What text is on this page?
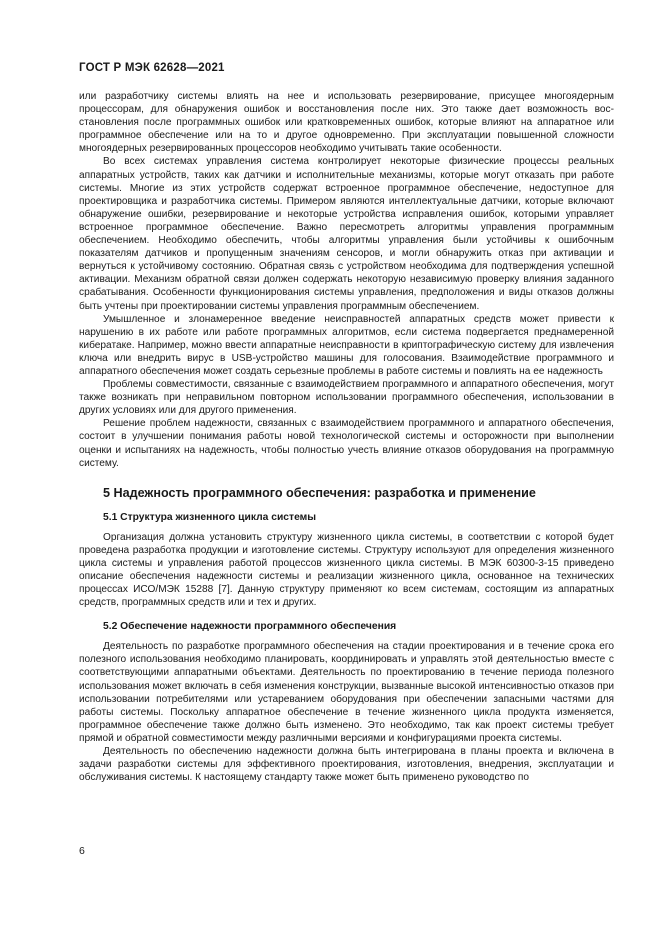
ГОСТ Р МЭК 62628—2021

или разработчику системы влиять на нее и использовать резервирование, присущее многоядерным процессорам, для обнаружения ошибок и восстановления после них. Это также дает возможность восстановления после программных ошибок или кратковременных ошибок, которые влияют на аппаратное или программное обеспечение или на то и другое одновременно. При эксплуатации повышенной сложности многоядерных резервированных процессоров необходимо учитывать такие особенности.

Во всех системах управления система контролирует некоторые физические процессы реальных аппаратных устройств, таких как датчики и исполнительные механизмы, которые могут отказать при работе системы. Многие из этих устройств содержат встроенное программное обеспечение, недоступное для проектировщика и разработчика системы. Примером являются интеллектуальные датчики, которые включают обнаружение ошибки, резервирование и некоторые устройства исправления ошибок, которыми управляет встроенное программное обеспечение. Важно пересмотреть алгоритмы управления программным обеспечением. Необходимо обеспечить, чтобы алгоритмы управления были устойчивы к ошибочным показателям датчиков и пропущенным значениям сенсоров, и могли обнаружить отказ при активации и вернуться к устойчивому состоянию. Обратная связь с устройством необходима для подтверждения успешной активации. Механизм обратной связи должен содержать некоторую независимую проверку влияния заданного срабатывания. Особенности функционирования системы управления, предположения и виды отказов должны быть учтены при проектировании системы управления программным обеспечением.

Умышленное и злонамеренное введение неисправностей аппаратных средств может привести к нарушению в их работе или работе программных алгоритмов, если система подвергается преднамеренной кибератаке. Например, можно ввести аппаратные неисправности в криптографическую систему для извлечения ключа или внедрить вирус в USB-устройство машины для голосования. Взаимодействие программного и аппаратного обеспечения может создать серьезные проблемы в работе системы и повлиять на ее надежность

Проблемы совместимости, связанные с взаимодействием программного и аппаратного обеспечения, могут также возникать при неправильном повторном использовании программного обеспечения, использовании в других условиях или для другого применения.

Решение проблем надежности, связанных с взаимодействием программного и аппаратного обеспечения, состоит в улучшении понимания работы новой технологической системы и осторожности при выполнении оценки и испытаниях на надежность, чтобы полностью учесть влияние отказов оборудования на программную систему.

5 Надежность программного обеспечения: разработка и применение
5.1 Структура жизненного цикла системы

Организация должна установить структуру жизненного цикла системы, в соответствии с которой будет проведена разработка продукции и изготовление системы. Структуру используют для определения жизненного цикла системы и управления работой процессов жизненного цикла системы. В МЭК 60300-3-15 приведено описание обеспечения надежности системы и реализации жизненного цикла, основанное на технических процессах ИСО/МЭК 15288 [7]. Данную структуру применяют ко всем системам, состоящим из аппаратных средств, программных средств или и тех и других.

5.2 Обеспечение надежности программного обеспечения

Деятельность по разработке программного обеспечения на стадии проектирования и в течение срока его полезного использования необходимо планировать, координировать и управлять этой деятельностью вместе с соответствующими аппаратными объектами. Деятельность по проектированию в течение периода полезного использования может включать в себя изменения конструкции, вызванные высокой интенсивностью отказов при использовании потребителями или устареванием оборудования при обеспечении запасными частями для работы системы. Поскольку аппаратное обеспечение в течение жизненного цикла продукта изменяется, программное обеспечение также должно быть изменено. Это необходимо, так как проект системы требует прямой и обратной совместимости между различными версиями и конфигурациями проекта системы.

Деятельность по обеспечению надежности должна быть интегрирована в планы проекта и включена в задачи разработки системы для эффективного проектирования, изготовления, внедрения, эксплуатации и обслуживания системы. К настоящему стандарту также может быть применено руководство по

6
